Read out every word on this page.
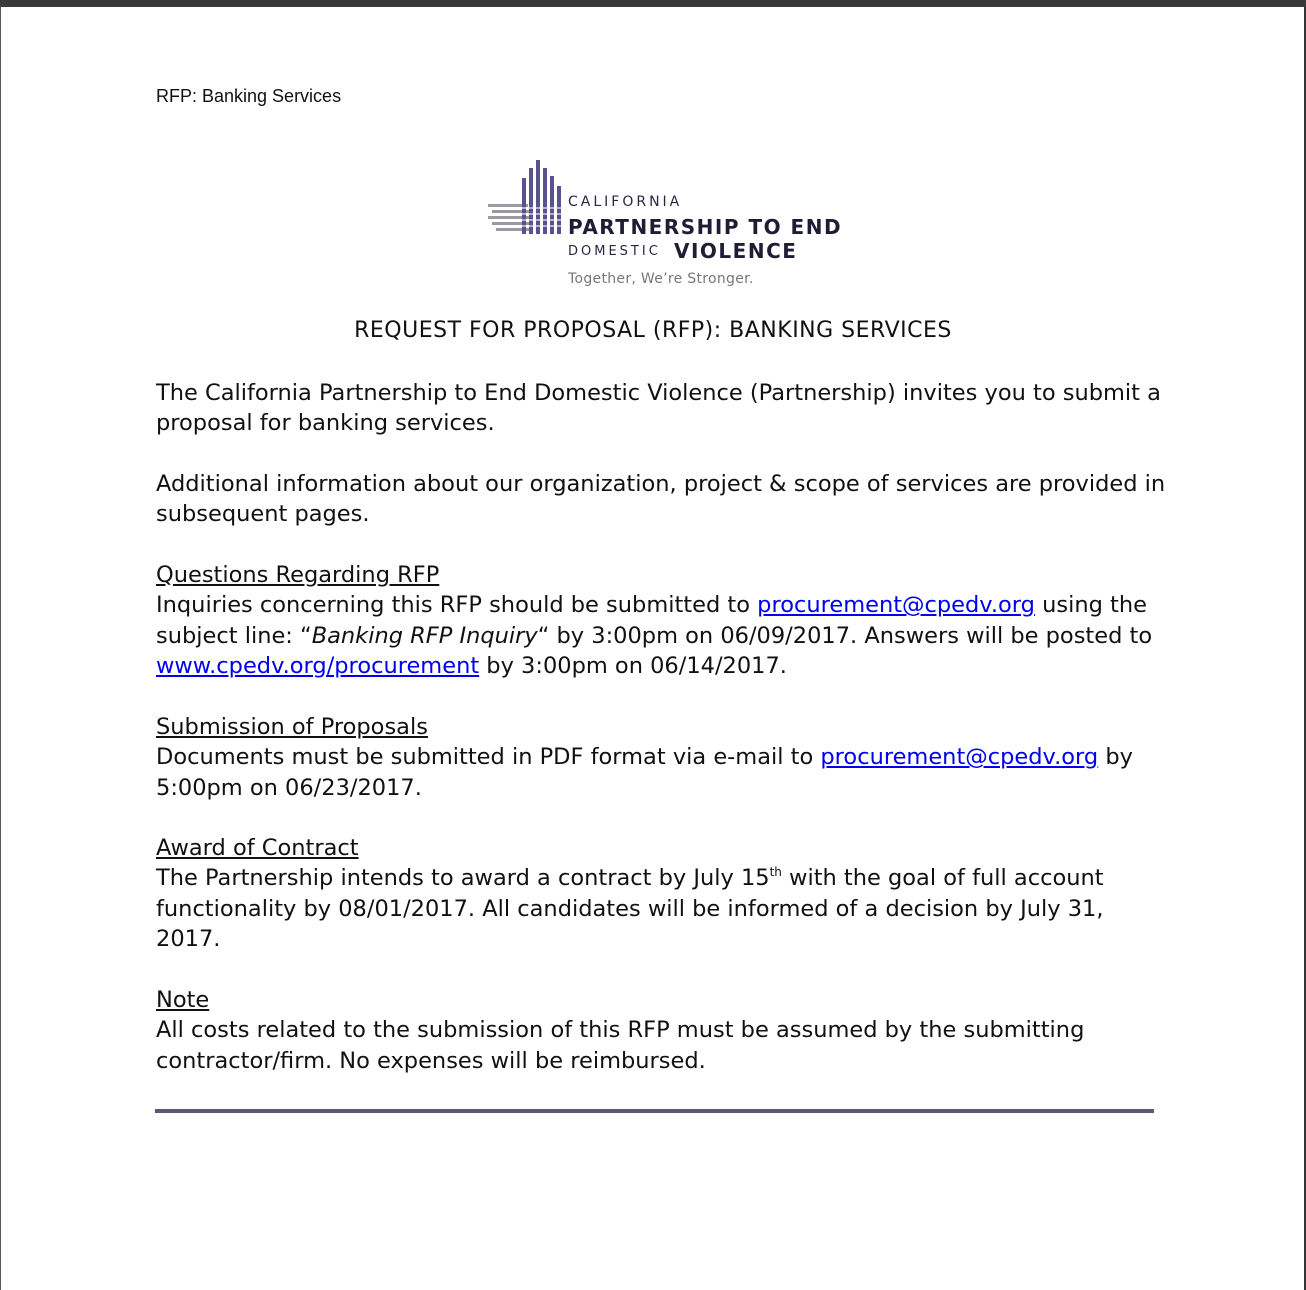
RFP: Banking Services
CALIFORNIA
PARTNERSHIP TO END
DOMESTIC VIOLENCE
Together, We’re Stronger.
REQUEST FOR PROPOSAL (RFP): BANKING SERVICES

The California Partnership to End Domestic Violence (Partnership) invites you to submit a proposal for banking services.

Additional information about our organization, project & scope of services are provided in subsequent pages.

Questions Regarding RFP
Inquiries concerning this RFP should be submitted to procurement@cpedv.org using the subject line: “Banking RFP Inquiry“ by 3:00pm on 06/09/2017. Answers will be posted to www.cpedv.org/procurement by 3:00pm on 06/14/2017.
Submission of Proposals
Documents must be submitted in PDF format via e-mail to procurement@cpedv.org by 5:00pm on 06/23/2017.
Award of Contract
The Partnership intends to award a contract by July 15th with the goal of full account functionality by 08/01/2017. All candidates will be informed of a decision by July 31, 2017.
Note
All costs related to the submission of this RFP must be assumed by the submitting contractor/firm. No expenses will be reimbursed.
